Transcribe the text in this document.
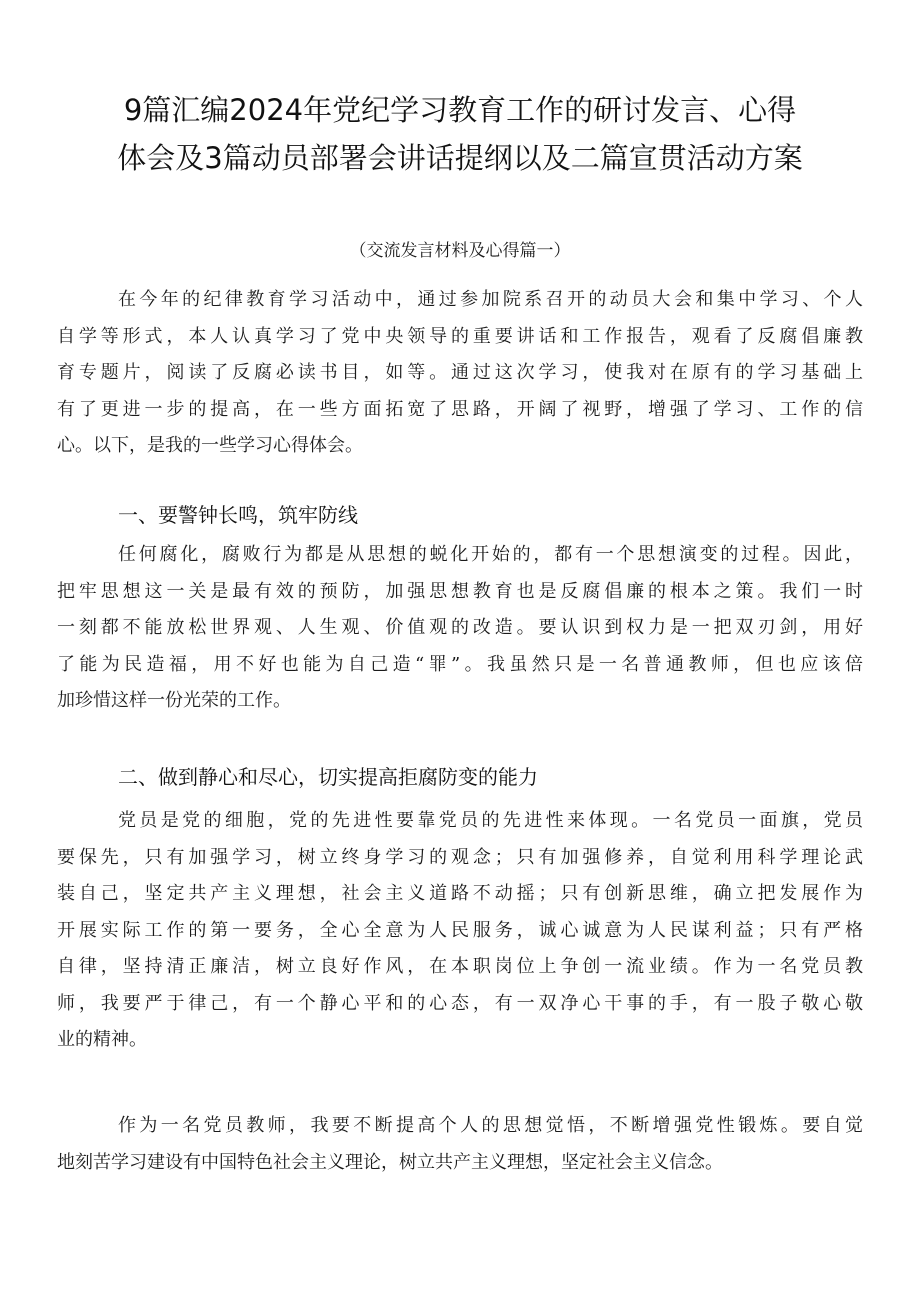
9篇汇编2024年党纪学习教育工作的研讨发言、心得
体会及3篇动员部署会讲话提纲以及二篇宣贯活动方案
（交流发言材料及心得篇一）
在今年的纪律教育学习活动中，通过参加院系召开的动员大会和集中学习、个人
自学等形式，本人认真学习了党中央领导的重要讲话和工作报告，观看了反腐倡廉教
育专题片，阅读了反腐必读书目，如等。通过这次学习，使我对在原有的学习基础上
有了更进一步的提高，在一些方面拓宽了思路，开阔了视野，增强了学习、工作的信
心。以下，是我的一些学习心得体会。
一、要警钟长鸣，筑牢防线
任何腐化，腐败行为都是从思想的蜕化开始的，都有一个思想演变的过程。因此，
把牢思想这一关是最有效的预防，加强思想教育也是反腐倡廉的根本之策。我们一时
一刻都不能放松世界观、人生观、价值观的改造。要认识到权力是一把双刃剑，用好
了能为民造福，用不好也能为自己造“罪”。我虽然只是一名普通教师，但也应该倍
加珍惜这样一份光荣的工作。
二、做到静心和尽心，切实提高拒腐防变的能力
党员是党的细胞，党的先进性要靠党员的先进性来体现。一名党员一面旗，党员
要保先，只有加强学习，树立终身学习的观念；只有加强修养，自觉利用科学理论武
装自己，坚定共产主义理想，社会主义道路不动摇；只有创新思维，确立把发展作为
开展实际工作的第一要务，全心全意为人民服务，诚心诚意为人民谋利益；只有严格
自律，坚持清正廉洁，树立良好作风，在本职岗位上争创一流业绩。作为一名党员教
师，我要严于律己，有一个静心平和的心态，有一双净心干事的手，有一股子敬心敬
业的精神。
作为一名党员教师，我要不断提高个人的思想觉悟，不断增强党性锻炼。要自觉
地刻苦学习建设有中国特色社会主义理论，树立共产主义理想，坚定社会主义信念。
